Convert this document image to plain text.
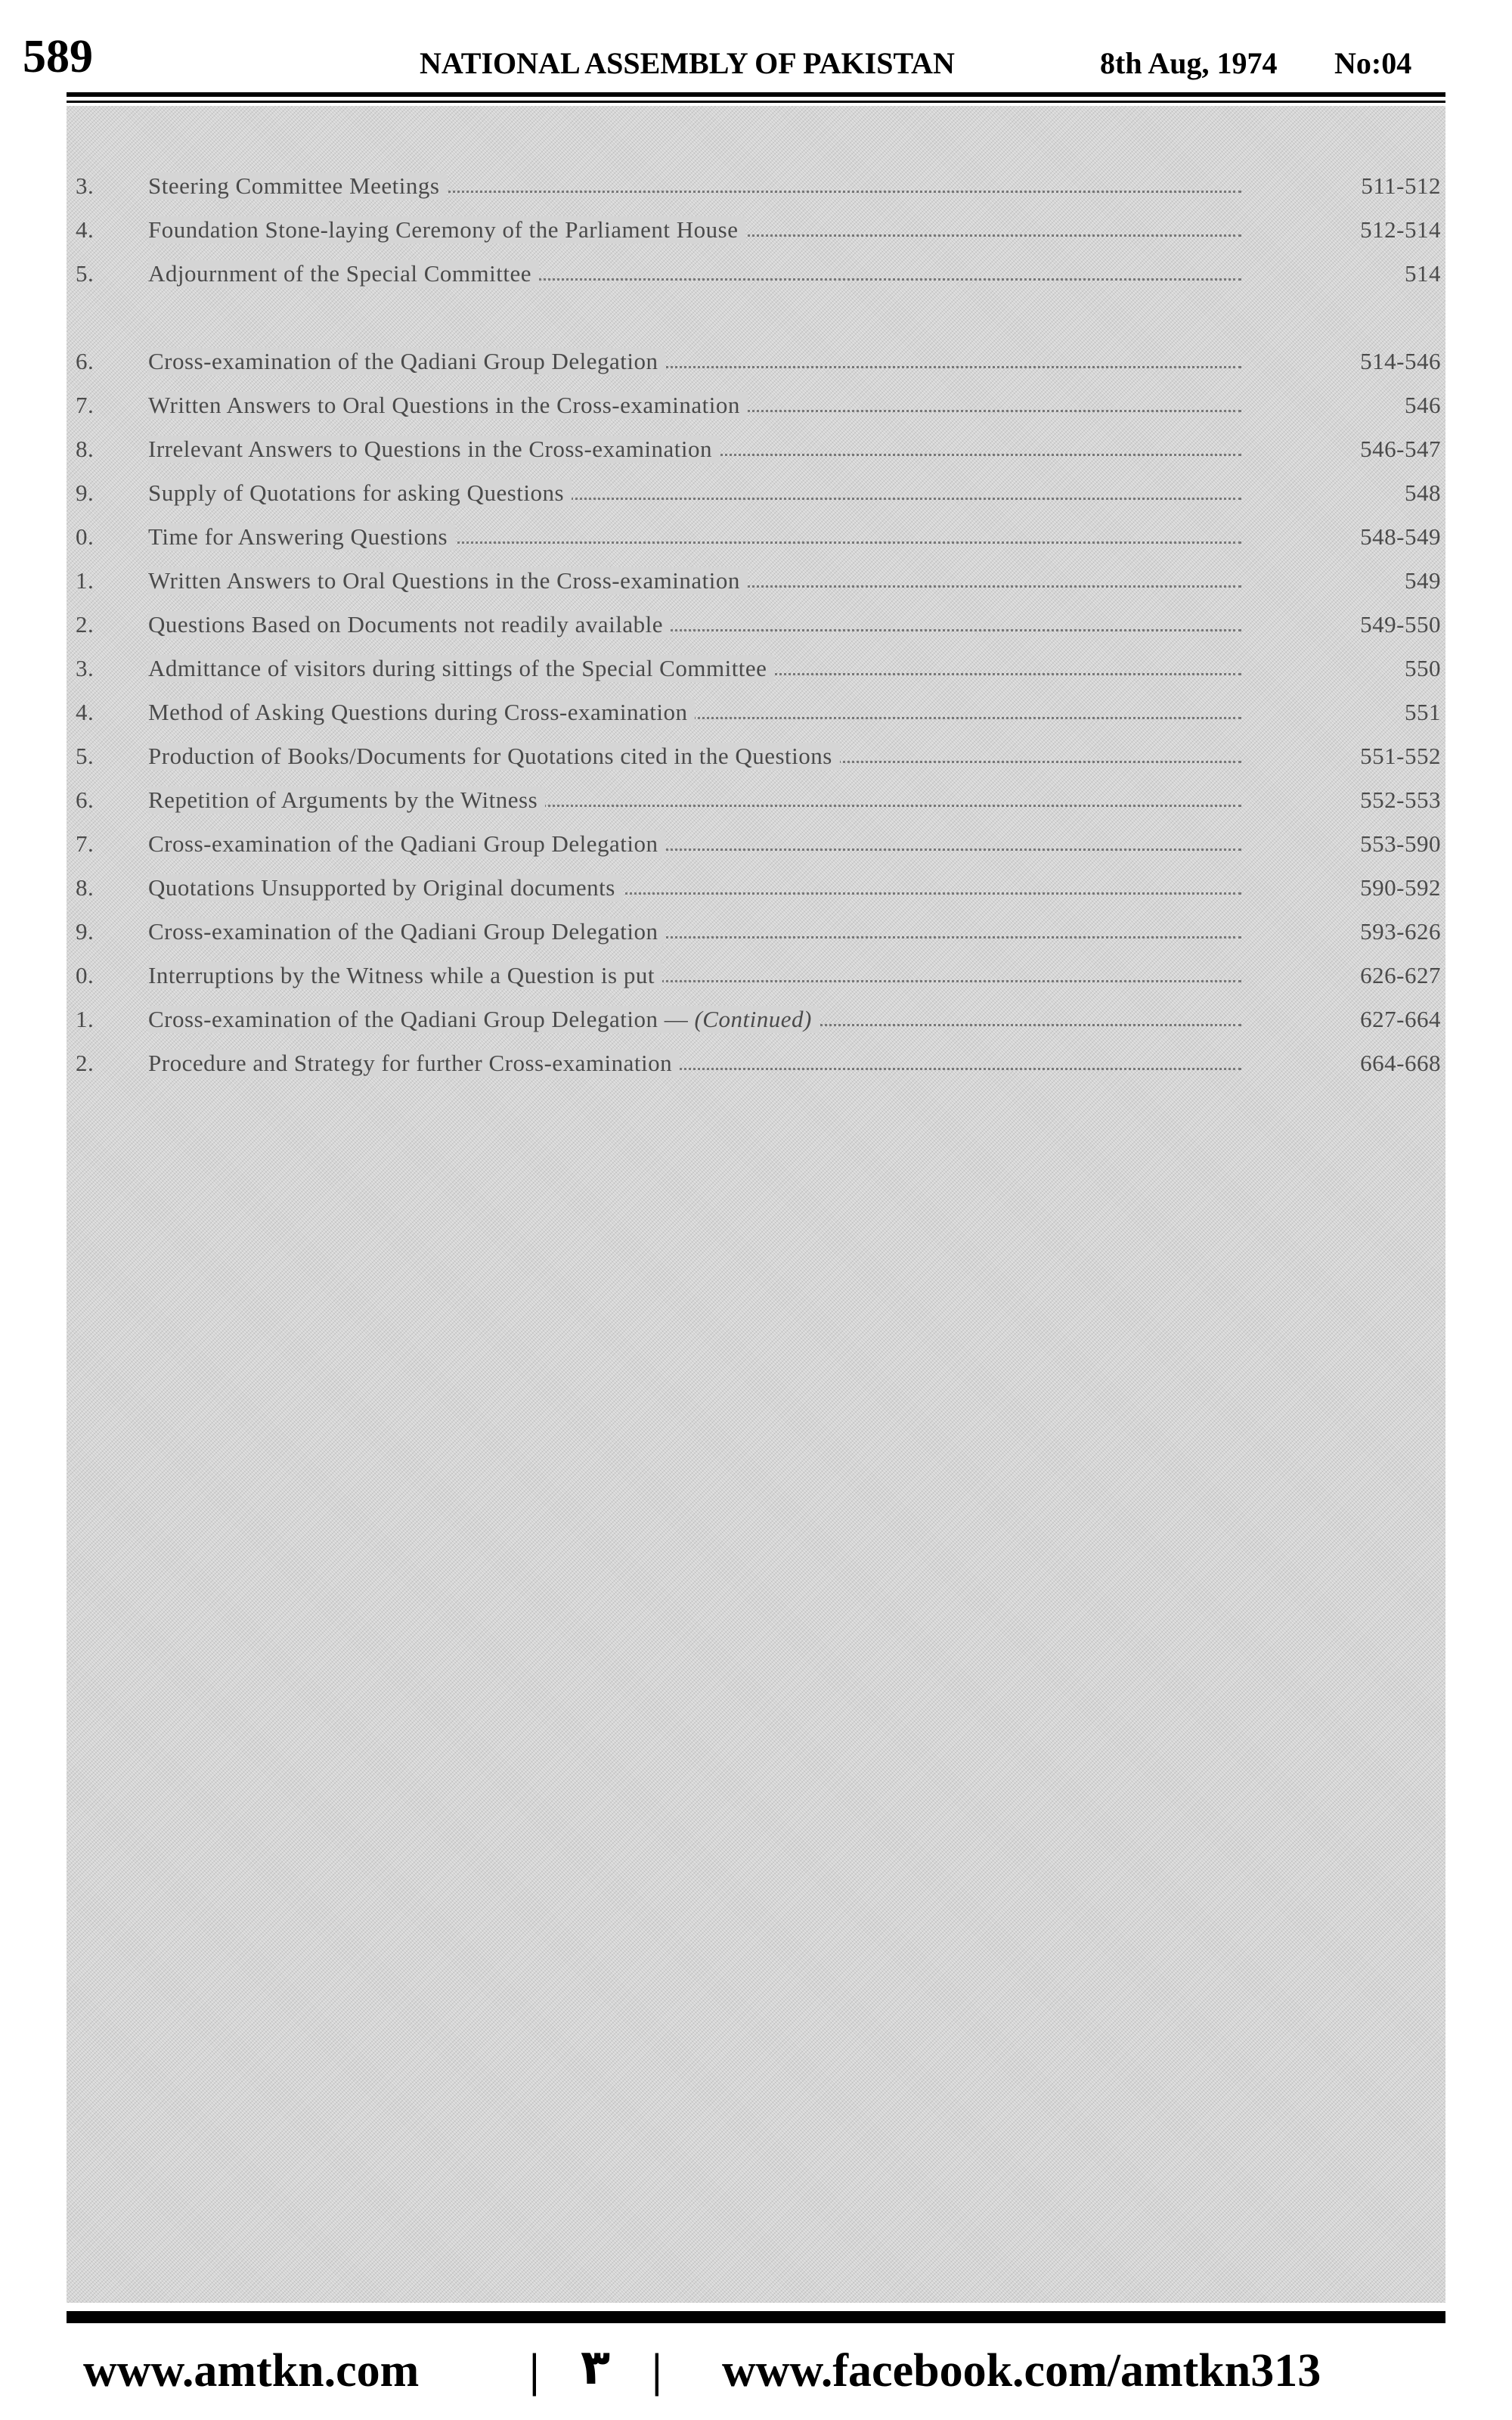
589	NATIONAL ASSEMBLY OF PAKISTAN	8th Aug, 1974 No:04
3.	Steering Committee Meetings	511-512
4.	Foundation Stone-laying Ceremony of the Parliament House	512-514
5.	Adjournment of the Special Committee	514
6.	Cross-examination of the Qadiani Group Delegation	514-546
7.	Written Answers to Oral Questions in the Cross-examination	546
8.	Irrelevant Answers to Questions in the Cross-examination	546-547
9.	Supply of Quotations for asking Questions	548
0.	Time for Answering Questions	548-549
1.	Written Answers to Oral Questions in the Cross-examination	549
2.	Questions Based on Documents not readily available	549-550
3.	Admittance of visitors during sittings of the Special Committee	550
4.	Method of Asking Questions during Cross-examination	551
5.	Production of Books/Documents for Quotations cited in the Questions	551-552
6.	Repetition of Arguments by the Witness	552-553
7.	Cross-examination of the Qadiani Group Delegation	553-590
8.	Quotations Unsupported by Original documents	590-592
9.	Cross-examination of the Qadiani Group Delegation	593-626
0.	Interruptions by the Witness while a Question is put	626-627
1.	Cross-examination of the Qadiani Group Delegation — (Continued)	627-664
2.	Procedure and Strategy for further Cross-examination	664-668
www.amtkn.com | ۳ | www.facebook.com/amtkn313
